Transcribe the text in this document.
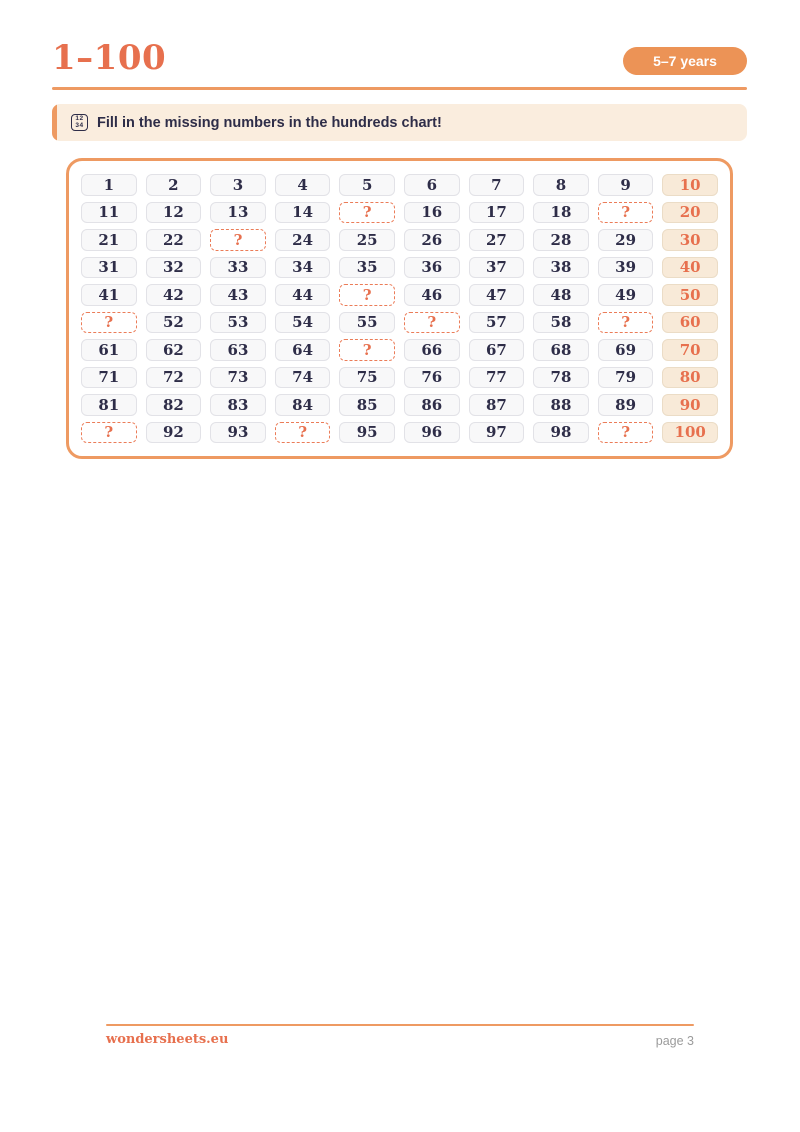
1–100	5–7 years
12
34 Fill in the missing numbers in the hundreds chart!
1	2	3	4	5	6	7	8	9	10
11	12	13	14	?	16	17	18	?	20
21	22	?	24	25	26	27	28	29	30
31	32	33	34	35	36	37	38	39	40
41	42	43	44	?	46	47	48	49	50
?	52	53	54	55	?	57	58	?	60
61	62	63	64	?	66	67	68	69	70
71	72	73	74	75	76	77	78	79	80
81	82	83	84	85	86	87	88	89	90
?	92	93	?	95	96	97	98	?	100
wondersheets.eu	page 3
